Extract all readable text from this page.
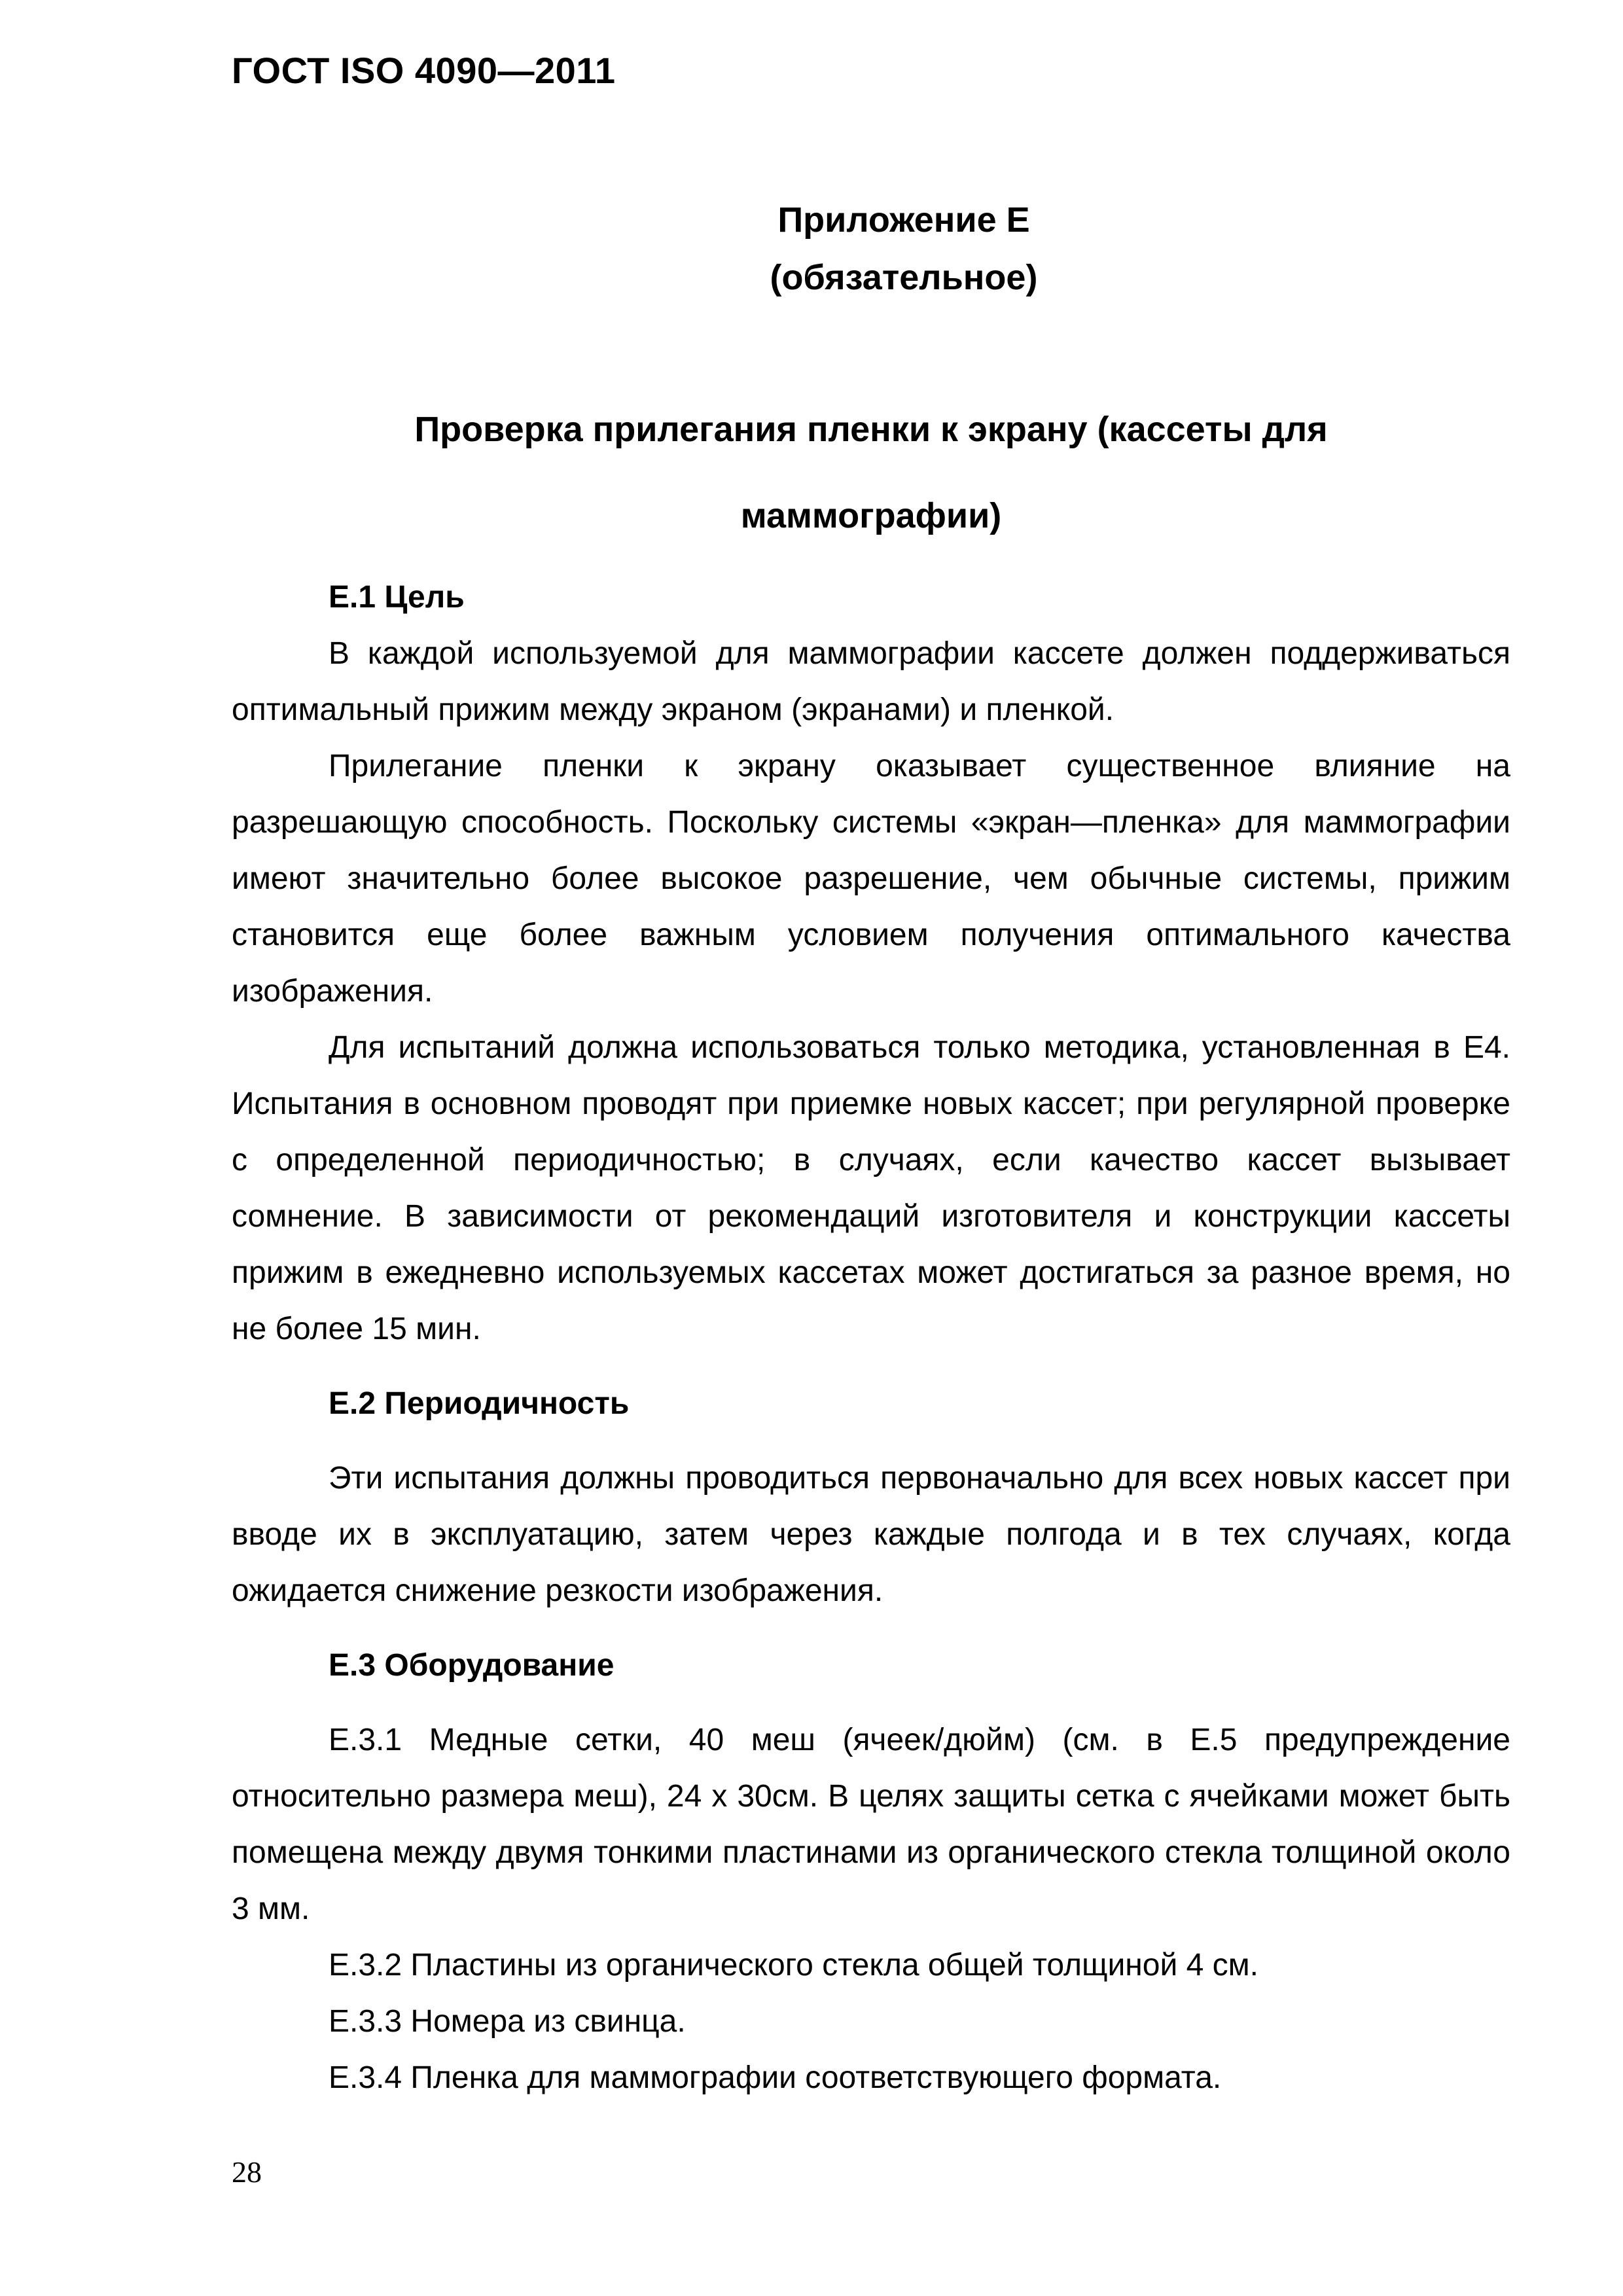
ГОСТ ISO 4090—2011
Приложение Е
(обязательное)
Проверка прилегания пленки к экрану (кассеты для
маммографии)

Е.1 Цель

В каждой используемой для маммографии кассете должен поддерживаться оптимальный прижим между экраном (экранами) и пленкой.

Прилегание пленки к экрану оказывает существенное влияние на разрешающую способность. Поскольку системы «экран—пленка» для маммографии имеют значительно более высокое разрешение, чем обычные системы, прижим становится еще более важным условием получения оптимального качества изображения.

Для испытаний должна использоваться только методика, установленная в Е4. Испытания в основном проводят при приемке новых кассет; при регулярной проверке с определенной периодичностью; в случаях, если качество кассет вызывает сомнение. В зависимости от рекомендаций изготовителя и конструкции кассеты прижим в ежедневно используемых кассетах может достигаться за разное время, но не более 15 мин.

Е.2 Периодичность

Эти испытания должны проводиться первоначально для всех новых кассет при вводе их в эксплуатацию, затем через каждые полгода и в тех случаях, когда ожидается снижение резкости изображения.

Е.3 Оборудование

Е.3.1 Медные сетки, 40 меш (ячеек/дюйм) (см. в Е.5 предупреждение относительно размера меш), 24 х 30см. В целях защиты сетка с ячейками может быть помещена между двумя тонкими пластинами из органического стекла толщиной около 3 мм.

Е.3.2 Пластины из органического стекла общей толщиной 4 см.

Е.3.3 Номера из свинца.

Е.3.4 Пленка для маммографии соответствующего формата.

28
